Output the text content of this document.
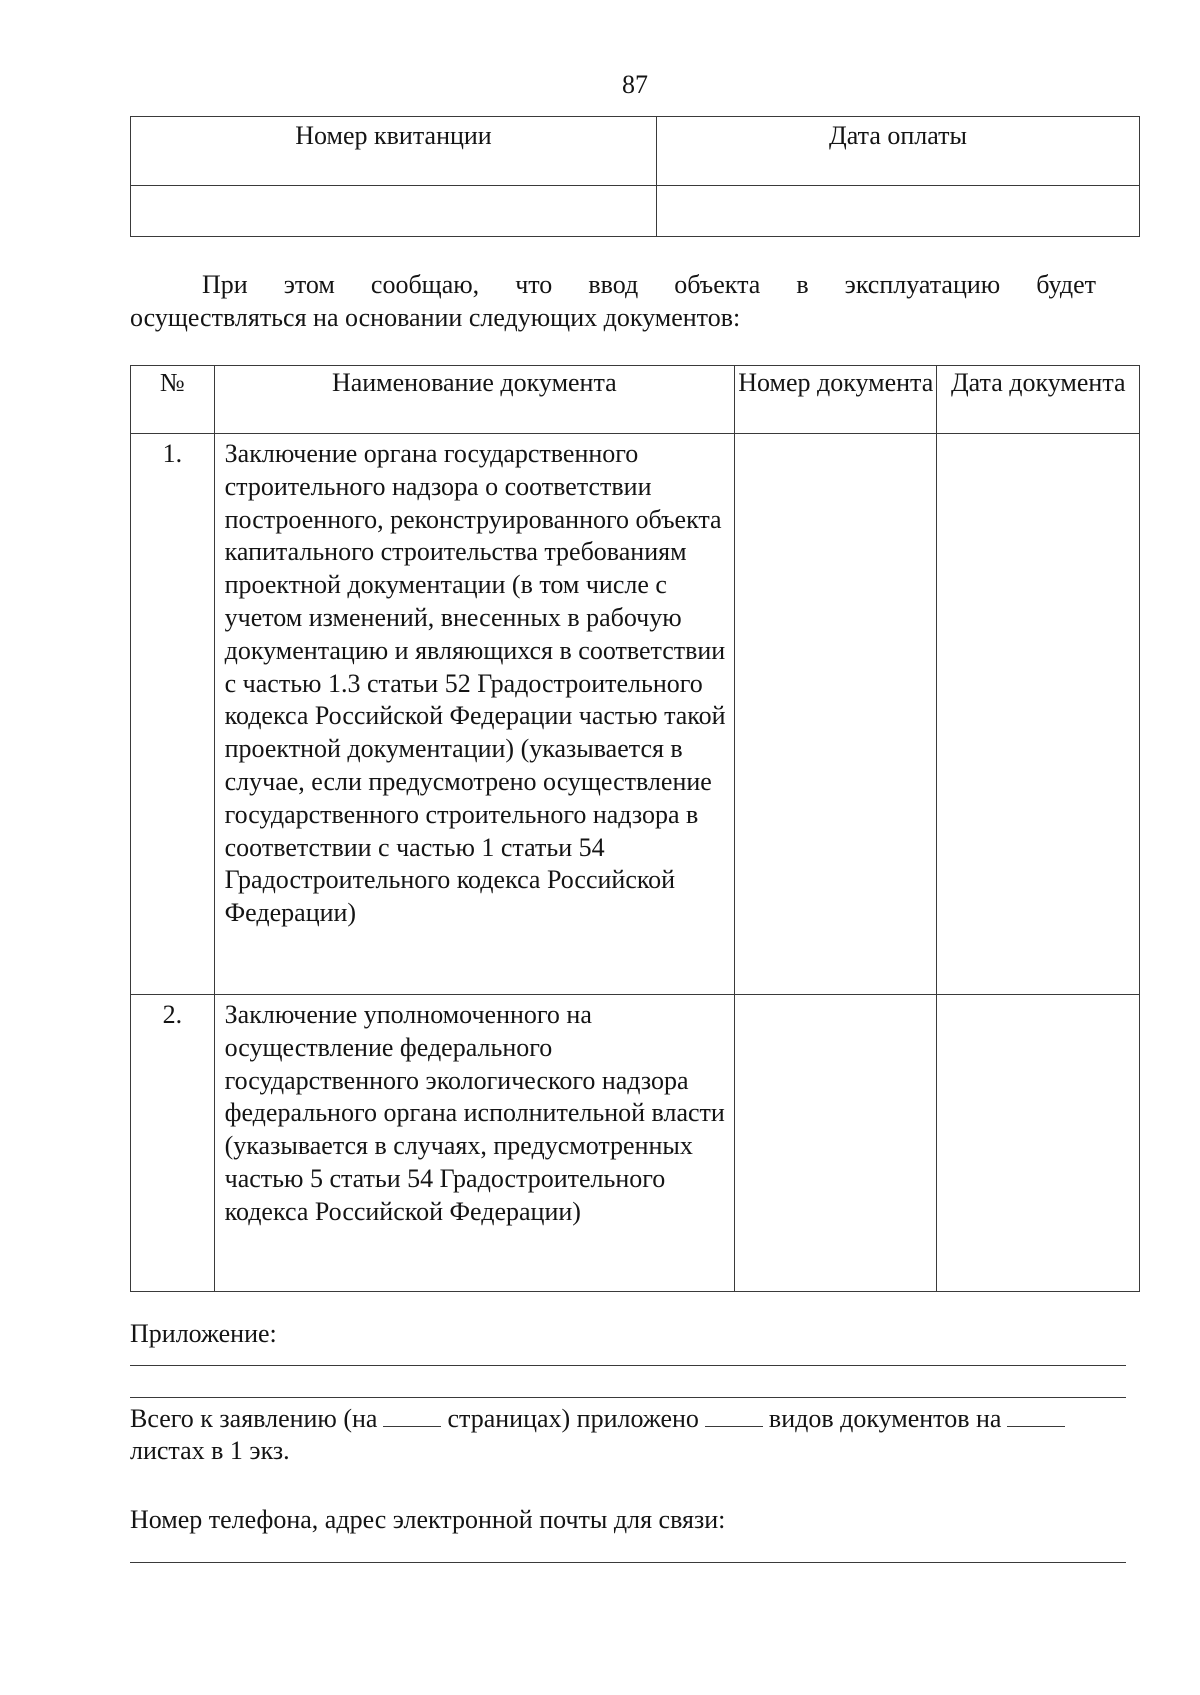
87
Номер квитанции	Дата оплаты

При этом сообщаю, что ввод объекта в эксплуатацию будет
осуществляться на основании следующих документов:
№	Наименование документа	Номер документа	Дата документа
1.	Заключение органа государственного строительного надзора о соответствии построенного, реконструированного объекта капитального строительства требованиям проектной документации (в том числе с учетом изменений, внесенных в рабочую документацию и являющихся в соответствии с частью 1.3 статьи 52 Градостроительного кодекса Российской Федерации частью такой проектной документации) (указывается в случае, если предусмотрено осуществление государственного строительного надзора в соответствии с частью 1 статьи 54 Градостроительного кодекса Российской Федерации)		
2.	Заключение уполномоченного на осуществление федерального государственного экологического надзора федерального органа исполнительной власти (указывается в случаях, предусмотренных частью 5 статьи 54 Градостроительного кодекса Российской Федерации)		
Приложение:
Всего к заявлению (на	страницах) приложено	видов документов на
листах в 1 экз.
Номер телефона, адрес электронной почты для связи:
